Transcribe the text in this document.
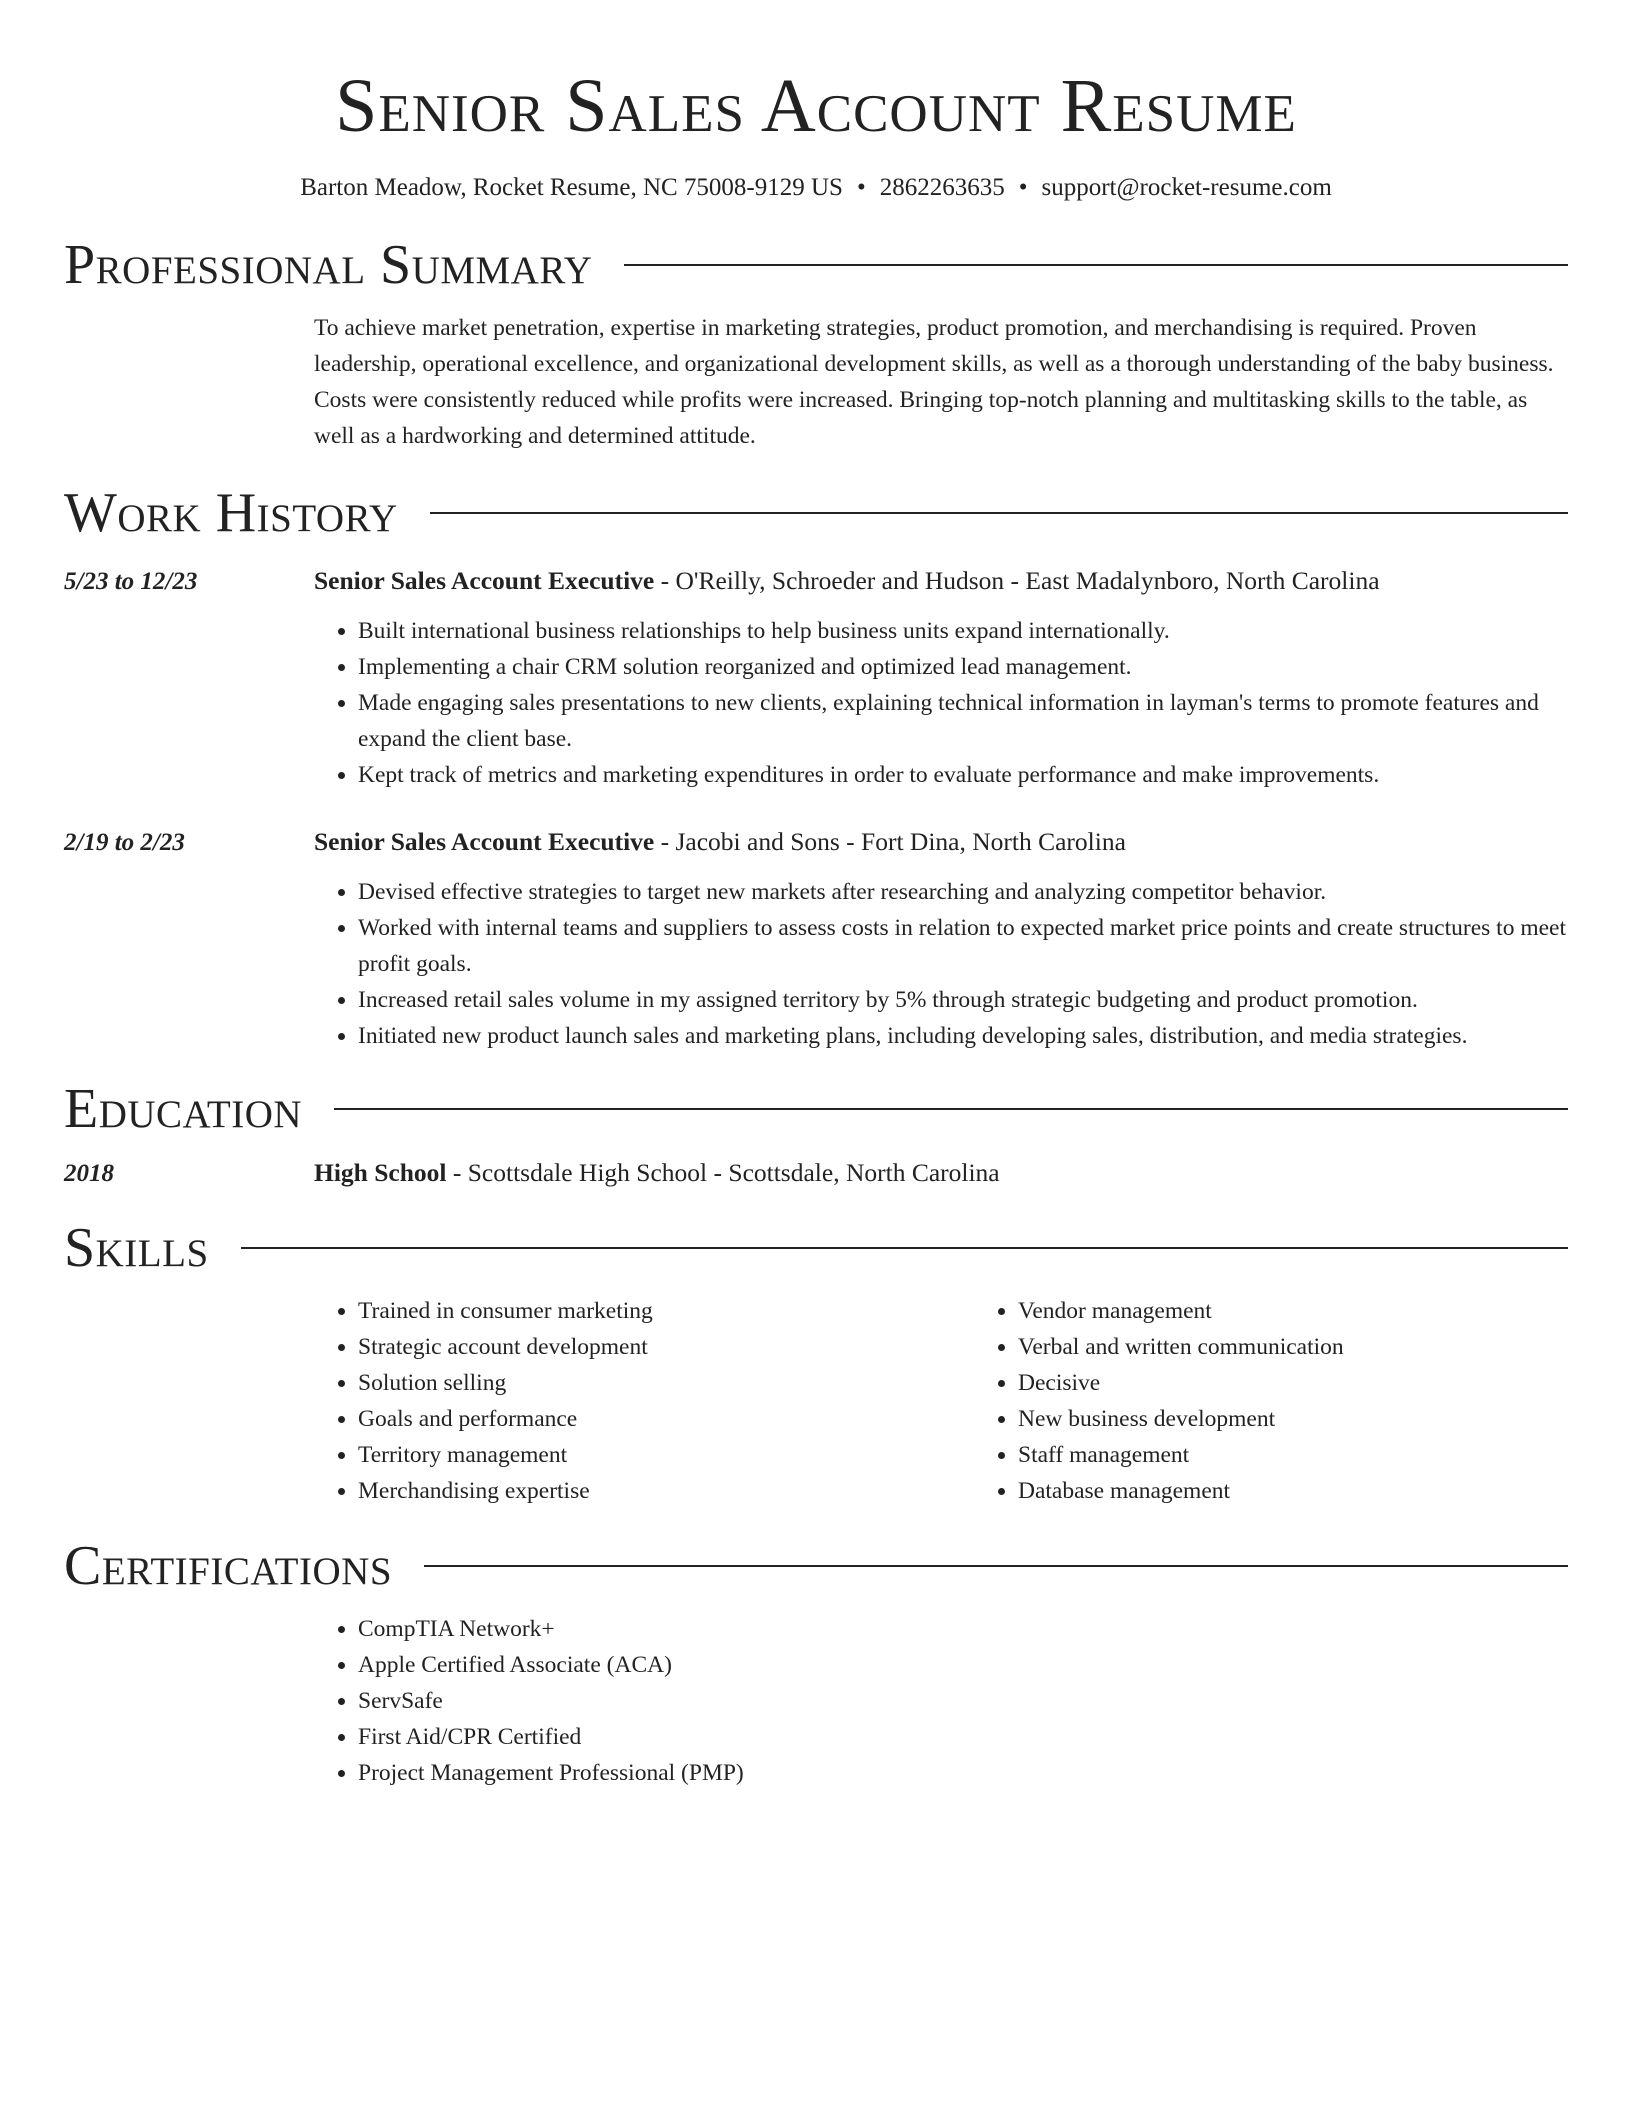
Senior Sales Account Resume
Barton Meadow, Rocket Resume, NC 75008-9129 US • 2862263635 • support@rocket-resume.com
Professional Summary

To achieve market penetration, expertise in marketing strategies, product promotion, and merchandising is required. Proven leadership, operational excellence, and organizational development skills, as well as a thorough understanding of the baby business. Costs were consistently reduced while profits were increased. Bringing top-notch planning and multitasking skills to the table, as well as a hardworking and determined attitude.

Work History
5/23 to 12/23	Senior Sales Account Executive - O'Reilly, Schroeder and Hudson - East Madalynboro, North Carolina
• Built international business relationships to help business units expand internationally.
• Implementing a chair CRM solution reorganized and optimized lead management.
• Made engaging sales presentations to new clients, explaining technical information in layman's terms to promote features and expand the client base.
• Kept track of metrics and marketing expenditures in order to evaluate performance and make improvements.
2/19 to 2/23	Senior Sales Account Executive - Jacobi and Sons - Fort Dina, North Carolina
• Devised effective strategies to target new markets after researching and analyzing competitor behavior.
• Worked with internal teams and suppliers to assess costs in relation to expected market price points and create structures to meet profit goals.
• Increased retail sales volume in my assigned territory by 5% through strategic budgeting and product promotion.
• Initiated new product launch sales and marketing plans, including developing sales, distribution, and media strategies.
Education
2018	High School - Scottsdale High School - Scottsdale, North Carolina
Skills
• Trained in consumer marketing
• Strategic account development
• Solution selling
• Goals and performance
• Territory management
• Merchandising expertise
• Vendor management
• Verbal and written communication
• Decisive
• New business development
• Staff management
• Database management
Certifications
• CompTIA Network+
• Apple Certified Associate (ACA)
• ServSafe
• First Aid/CPR Certified
• Project Management Professional (PMP)
